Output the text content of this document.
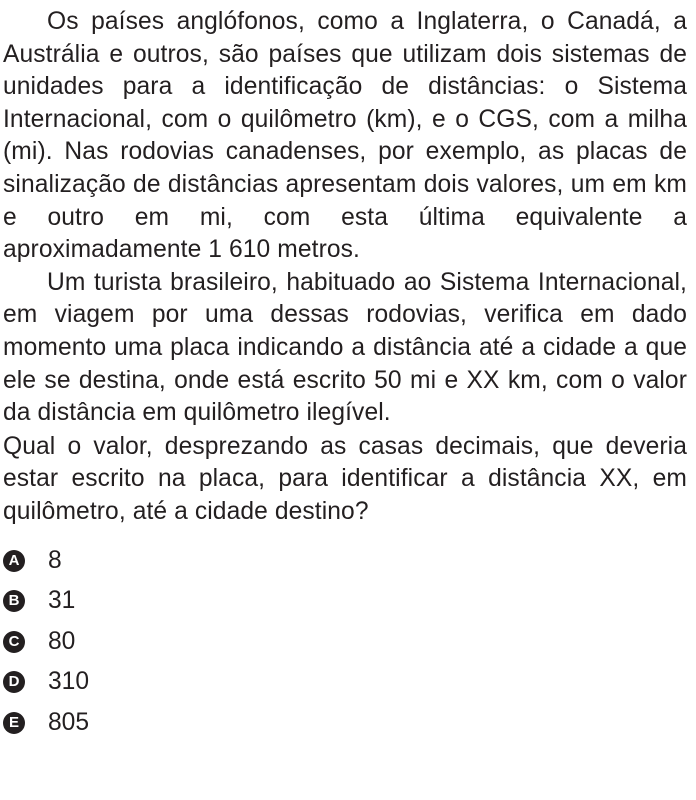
Os países anglófonos, como a Inglaterra, o Canadá, a Austrália e outros, são países que utilizam dois sistemas de unidades para a identificação de distâncias: o Sistema Internacional, com o quilômetro (km), e o CGS, com a milha (mi). Nas rodovias canadenses, por exemplo, as placas de sinalização de distâncias apresentam dois valores, um em km e outro em mi, com esta última equivalente a aproximadamente 1 610 metros.

Um turista brasileiro, habituado ao Sistema Internacional, em viagem por uma dessas rodovias, verifica em dado momento uma placa indicando a distância até a cidade a que ele se destina, onde está escrito 50 mi e XX km, com o valor da distância em quilômetro ilegível.

Qual o valor, desprezando as casas decimais, que deveria estar escrito na placa, para identificar a distância XX, em quilômetro, até a cidade destino?

A 8
B 31
C 80
D 310
E 805
